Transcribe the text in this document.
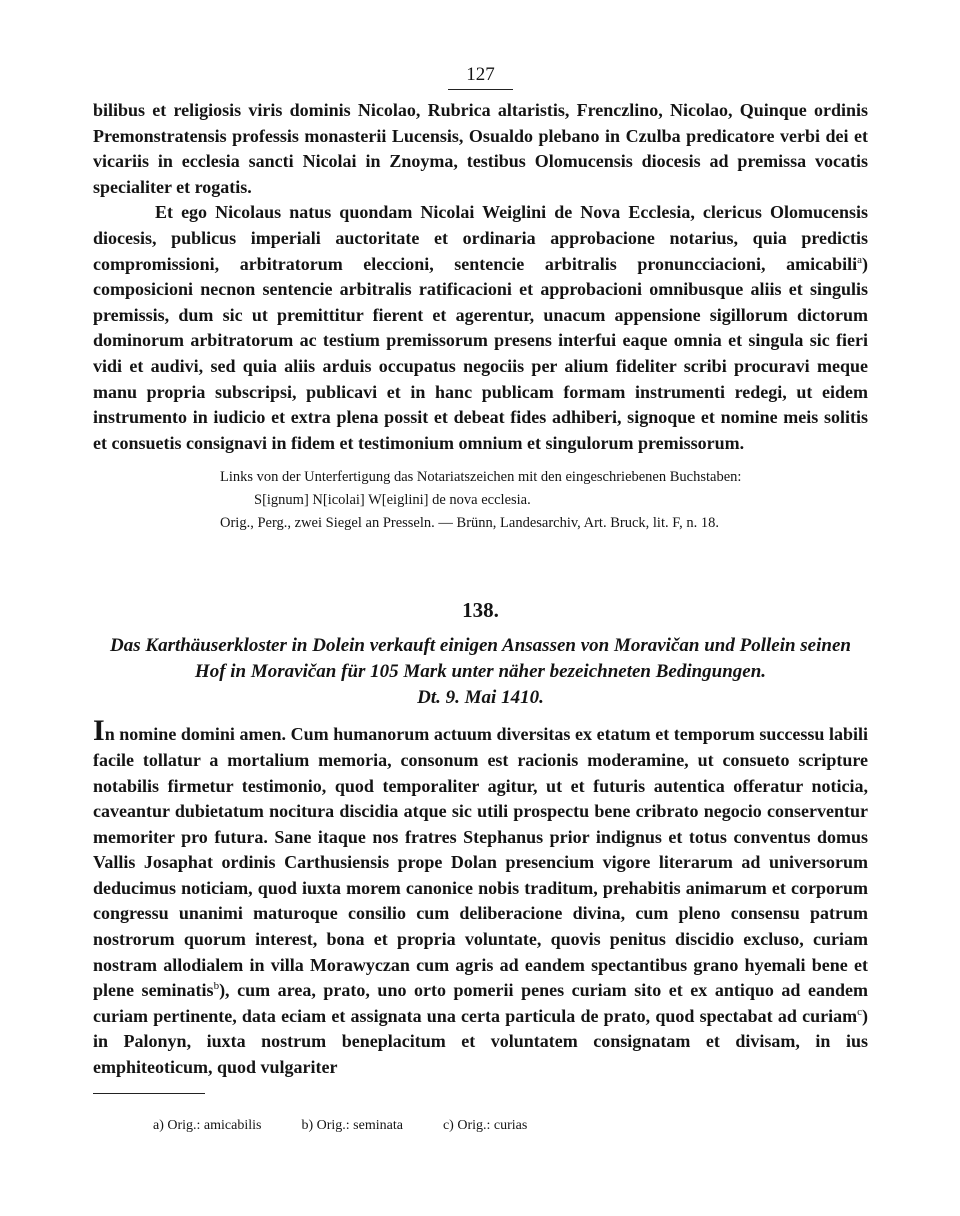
127

bilibus et religiosis viris dominis Nicolao, Rubrica altaristis, Frenczlino, Nicolao, Quinque ordinis Premonstratensis professis monasterii Lucensis, Osualdo plebano in Czulba predicatore verbi dei et vicariis in ecclesia sancti Nicolai in Znoyma, testibus Olomucensis diocesis ad premissa vocatis specialiter et rogatis.

Et ego Nicolaus natus quondam Nicolai Weiglini de Nova Ecclesia, clericus Olomucensis diocesis, publicus imperiali auctoritate et ordinaria approbacione notarius, quia predictis compromissioni, arbitratorum eleccioni, sentencie arbitralis pronuncciacioni, amicabili$^a$) composicioni necnon sentencie arbitralis ratificacioni et approbacioni omnibusque aliis et singulis premissis, dum sic ut premittitur fierent et agerentur, unacum appensione sigillorum dictorum dominorum arbitratorum ac testium premissorum presens interfui eaque omnia et singula sic fieri vidi et audivi, sed quia aliis arduis occupatus negociis per alium fideliter scribi procuravi meque manu propria subscripsi, publicavi et in hanc publicam formam instrumenti redegi, ut eidem instrumento in iudicio et extra plena possit et debeat fides adhiberi, signoque et nomine meis solitis et consuetis consignavi in fidem et testimonium omnium et singulorum premissorum.

Links von der Unterfertigung das Notariatszeichen mit den eingeschriebenen Buchstaben:
S[ignum] N[icolai] W[eiglini] de nova ecclesia.
Orig., Perg., zwei Siegel an Presseln. — Brünn, Landesarchiv, Art. Bruck, lit. F, n. 18.
138.
Das Karthäuserkloster in Dolein verkauft einigen Ansassen von Moravičan und Pollein seinen Hof in Moravičan für 105 Mark unter näher bezeichneten Bedingungen.
Dt. 9. Mai 1410.

In nomine domini amen. Cum humanorum actuum diversitas ex etatum et temporum successu labili facile tollatur a mortalium memoria, consonum est racionis moderamine, ut consueto scripture notabilis firmetur testimonio, quod temporaliter agitur, ut et futuris autentica offeratur noticia, caveantur dubietatum nocitura discidia atque sic utili prospectu bene cribrato negocio conserventur memoriter pro futura. Sane itaque nos fratres Stephanus prior indignus et totus conventus domus Vallis Josaphat ordinis Carthusiensis prope Dolan presencium vigore literarum ad universorum deducimus noticiam, quod iuxta morem canonice nobis traditum, prehabitis animarum et corporum congressu unanimi maturoque consilio cum deliberacione divina, cum pleno consensu patrum nostrorum quorum interest, bona et propria voluntate, quovis penitus discidio excluso, curiam nostram allodialem in villa Morawyczan cum agris ad eandem spectantibus grano hyemali bene et plene seminatis$^b$), cum area, prato, uno orto pomerii penes curiam sito et ex antiquo ad eandem curiam pertinente, data eciam et assignata una certa particula de prato, quod spectabat ad curiam$^c$) in Palonyn, iuxta nostrum beneplacitum et voluntatem consignatam et divisam, in ius emphiteoticum, quod vulgariter

a) Orig.: amicabilis	b) Orig.: seminata	c) Orig.: curias
